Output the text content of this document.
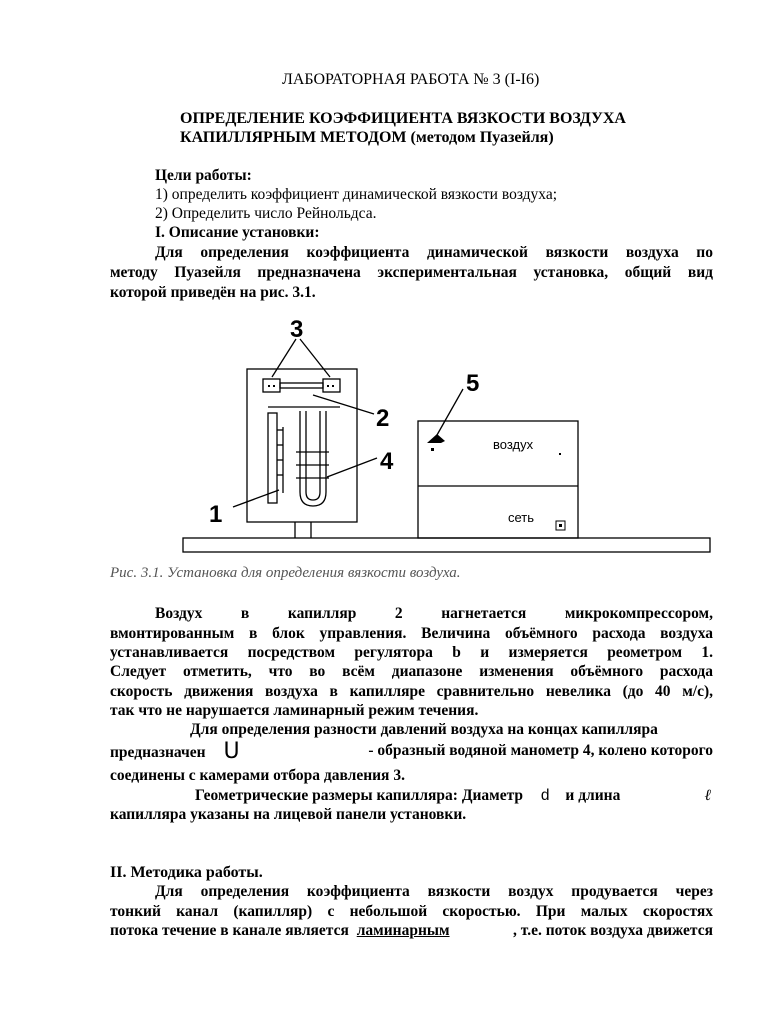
ЛАБОРАТОРНАЯ РАБОТА № 3 (I-I6)
ОПРЕДЕЛЕНИЕ КОЭФФИЦИЕНТА ВЯЗКОСТИ ВОЗДУХА
КАПИЛЛЯРНЫМ МЕТОДОМ (методом Пуазейля)
Цели работы:
1) определить коэффициент динамической вязкости воздуха;
2) Определить число Рейнольдса.
I. Описание установки:
Для определения коэффициента динамической вязкости воздуха по
методу Пуазейля предназначена экспериментальная установка, общий вид
которой приведён на рис. 3.1.
3
5
2
4
1
воздух
сеть
Рис. 3.1. Установка для определения вязкости воздуха.
Воздух в капилляр 2 нагнетается микрокомпрессором,
вмонтированным в блок управления. Величина объёмного расхода воздуха
устанавливается посредством регулятора b и измеряется реометром 1.
Следует отметить, что во всём диапазоне изменения объёмного расхода
скорость движения воздуха в капилляре сравнительно невелика (до 40 м/с),
так что не нарушается ламинарный режим течения.
Для определения разности давлений воздуха на концах капилляра
предназначен U	- образный водяной манометр 4, колено которого
соединены с камерами отбора давления 3.
Геометрические размеры капилляра: Диаметр d и длина	ℓ
капилляра указаны на лицевой панели установки.
II. Методика работы.
Для определения коэффициента вязкости воздух продувается через
тонкий канал (капилляр) с небольшой скоростью. При малых скоростях
потока течение в канале является ламинарным	, т.е. поток воздуха движется
